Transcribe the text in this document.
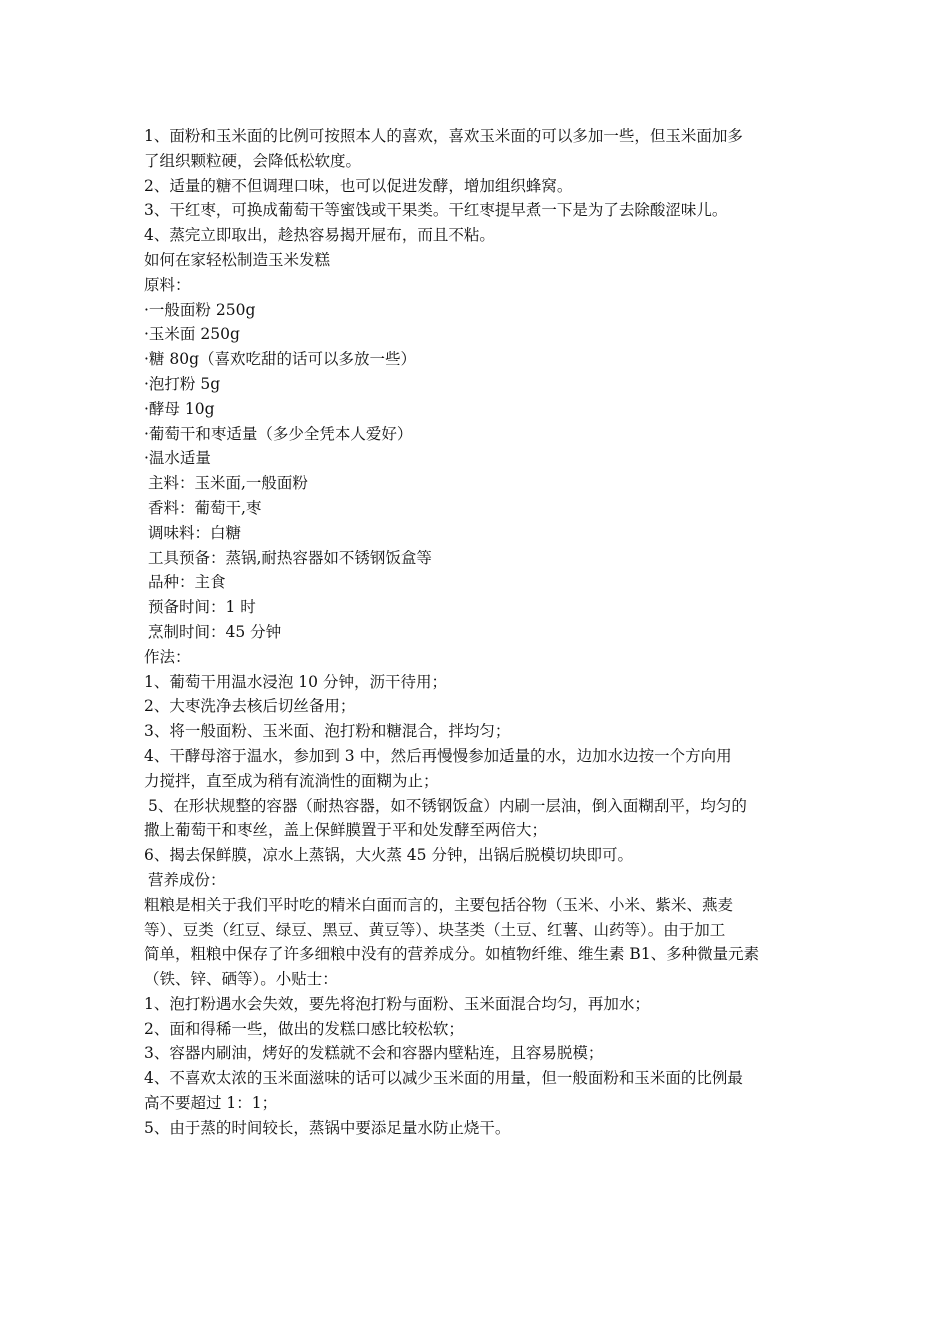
1、面粉和玉米面的比例可按照本人的喜欢，喜欢玉米面的可以多加一些，但玉米面加多

了组织颗粒硬，会降低松软度。

2、适量的糖不但调理口味，也可以促进发酵，增加组织蜂窝。

3、干红枣，可换成葡萄干等蜜饯或干果类。干红枣提早煮一下是为了去除酸涩味儿。

4、蒸完立即取出，趁热容易揭开屉布，而且不粘。

如何在家轻松制造玉米发糕

原料：

·一般面粉 250g

·玉米面 250g

·糖 80g（喜欢吃甜的话可以多放一些）

·泡打粉 5g

·酵母 10g

·葡萄干和枣适量（多少全凭本人爱好）

·温水适量

主料：玉米面,一般面粉

香料：葡萄干,枣

调味料：白糖

工具预备：蒸锅,耐热容器如不锈钢饭盒等

品种：主食

预备时间：1 时

烹制时间：45 分钟

作法：

1、葡萄干用温水浸泡 10 分钟，沥干待用；

2、大枣洗净去核后切丝备用；

3、将一般面粉、玉米面、泡打粉和糖混合，拌均匀；

4、干酵母溶于温水，参加到 3 中，然后再慢慢参加适量的水，边加水边按一个方向用

力搅拌，直至成为稍有流淌性的面糊为止；

5、在形状规整的容器（耐热容器，如不锈钢饭盒）内刷一层油，倒入面糊刮平，均匀的

撒上葡萄干和枣丝，盖上保鲜膜置于平和处发酵至两倍大；

6、揭去保鲜膜，凉水上蒸锅，大火蒸 45 分钟，出锅后脱模切块即可。

营养成份：

粗粮是相关于我们平时吃的精米白面而言的，主要包括谷物（玉米、小米、紫米、燕麦

等）、豆类（红豆、绿豆、黑豆、黄豆等）、块茎类（土豆、红薯、山药等）。由于加工

简单，粗粮中保存了许多细粮中没有的营养成分。如植物纤维、维生素 B1、多种微量元素

（铁、锌、硒等）。小贴士：

1、泡打粉遇水会失效，要先将泡打粉与面粉、玉米面混合均匀，再加水；

2、面和得稀一些，做出的发糕口感比较松软；

3、容器内刷油，烤好的发糕就不会和容器内壁粘连，且容易脱模；

4、不喜欢太浓的玉米面滋味的话可以减少玉米面的用量，但一般面粉和玉米面的比例最

高不要超过 1：1；

5、由于蒸的时间较长，蒸锅中要添足量水防止烧干。
